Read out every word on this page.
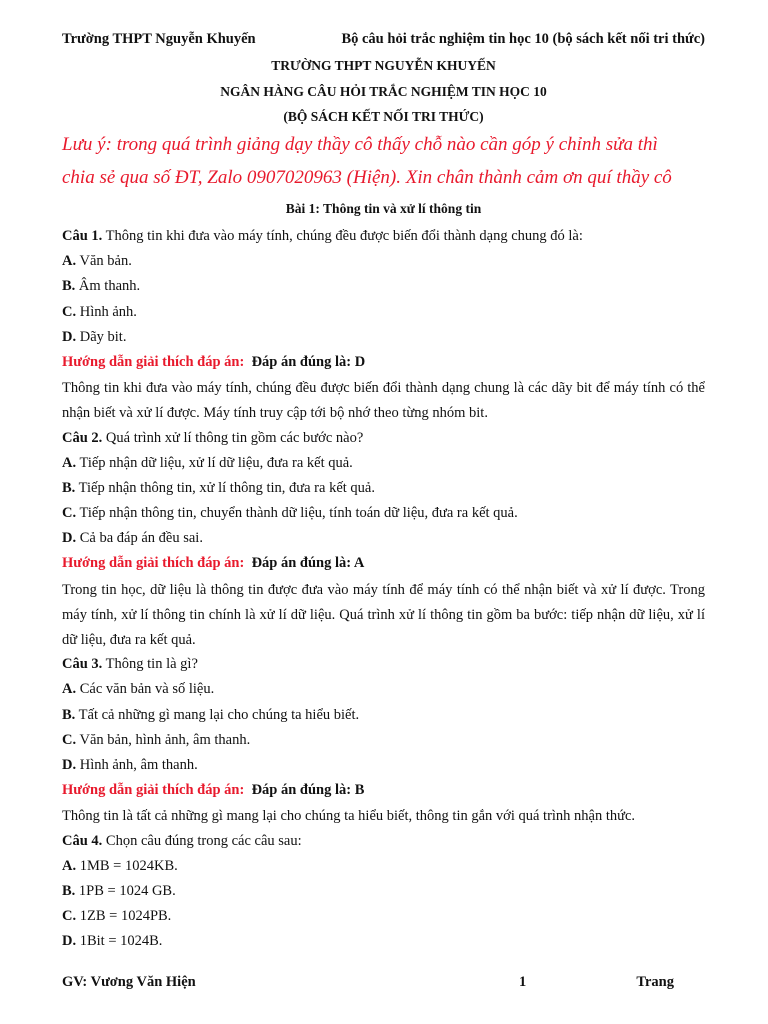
Trường THPT Nguyễn Khuyến	Bộ câu hỏi trắc nghiệm tin học 10 (bộ sách kết nối tri thức)
TRƯỜNG THPT NGUYỄN KHUYẾN
NGÂN HÀNG CÂU HỎI TRẮC NGHIỆM TIN HỌC 10
(BỘ SÁCH KẾT NỐI TRI THỨC)
Lưu ý: trong quá trình giảng dạy thầy cô thấy chỗ nào cần góp ý chỉnh sửa thì
chia sẻ qua số ĐT, Zalo 0907020963 (Hiện). Xin chân thành cảm ơn quí thầy cô
Bài 1: Thông tin và xử lí thông tin
Câu 1. Thông tin khi đưa vào máy tính, chúng đều được biến đổi thành dạng chung đó là:
A. Văn bản.
B. Âm thanh.
C. Hình ảnh.
D. Dãy bit.
Hướng dẫn giải thích đáp án: Đáp án đúng là: D

Thông tin khi đưa vào máy tính, chúng đều được biến đổi thành dạng chung là các dãy bit để máy tính có thể nhận biết và xử lí được. Máy tính truy cập tới bộ nhớ theo từng nhóm bit.

Câu 2. Quá trình xử lí thông tin gồm các bước nào?
A. Tiếp nhận dữ liệu, xử lí dữ liệu, đưa ra kết quả.
B. Tiếp nhận thông tin, xử lí thông tin, đưa ra kết quả.
C. Tiếp nhận thông tin, chuyển thành dữ liệu, tính toán dữ liệu, đưa ra kết quả.
D. Cả ba đáp án đều sai.
Hướng dẫn giải thích đáp án: Đáp án đúng là: A

Trong tin học, dữ liệu là thông tin được đưa vào máy tính để máy tính có thể nhận biết và xử lí được. Trong máy tính, xử lí thông tin chính là xử lí dữ liệu. Quá trình xử lí thông tin gồm ba bước: tiếp nhận dữ liệu, xử lí dữ liệu, đưa ra kết quả.

Câu 3. Thông tin là gì?
A. Các văn bản và số liệu.
B. Tất cả những gì mang lại cho chúng ta hiểu biết.
C. Văn bản, hình ảnh, âm thanh.
D. Hình ảnh, âm thanh.
Hướng dẫn giải thích đáp án: Đáp án đúng là: B

Thông tin là tất cả những gì mang lại cho chúng ta hiểu biết, thông tin gắn với quá trình nhận thức.

Câu 4. Chọn câu đúng trong các câu sau:
A. 1MB = 1024KB.
B. 1PB = 1024 GB.
C. 1ZB = 1024PB.
D. 1Bit = 1024B.
GV: Vương Văn Hiện	1	Trang
